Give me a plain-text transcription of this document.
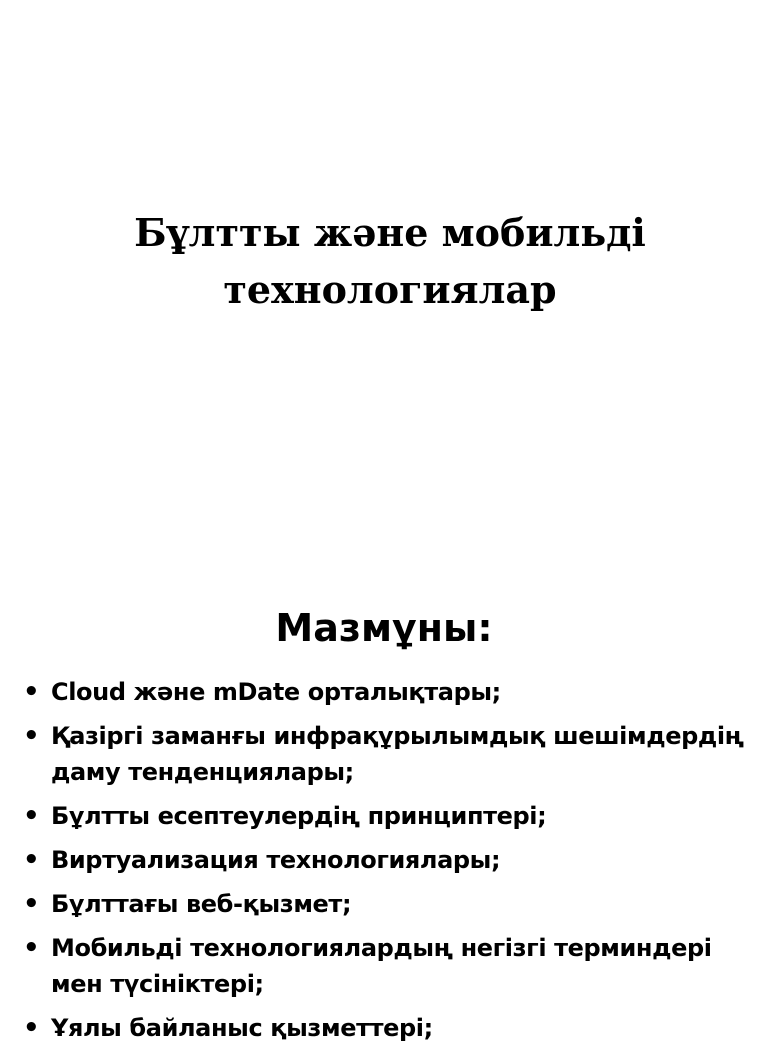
Бұлтты және мобильді технологиялар
Мазмұны:
• Cloud және mDate орталықтары;
• Қазіргі заманғы инфрақұрылымдық шешімдердің даму тенденциялары;
• Бұлтты есептеулердің принциптері;
• Виртуализация технологиялары;
• Бұлттағы веб-қызмет;
• Мобильді технологиялардың негізгі терминдері мен түсініктері;
• Ұялы байланыс қызметтері;
